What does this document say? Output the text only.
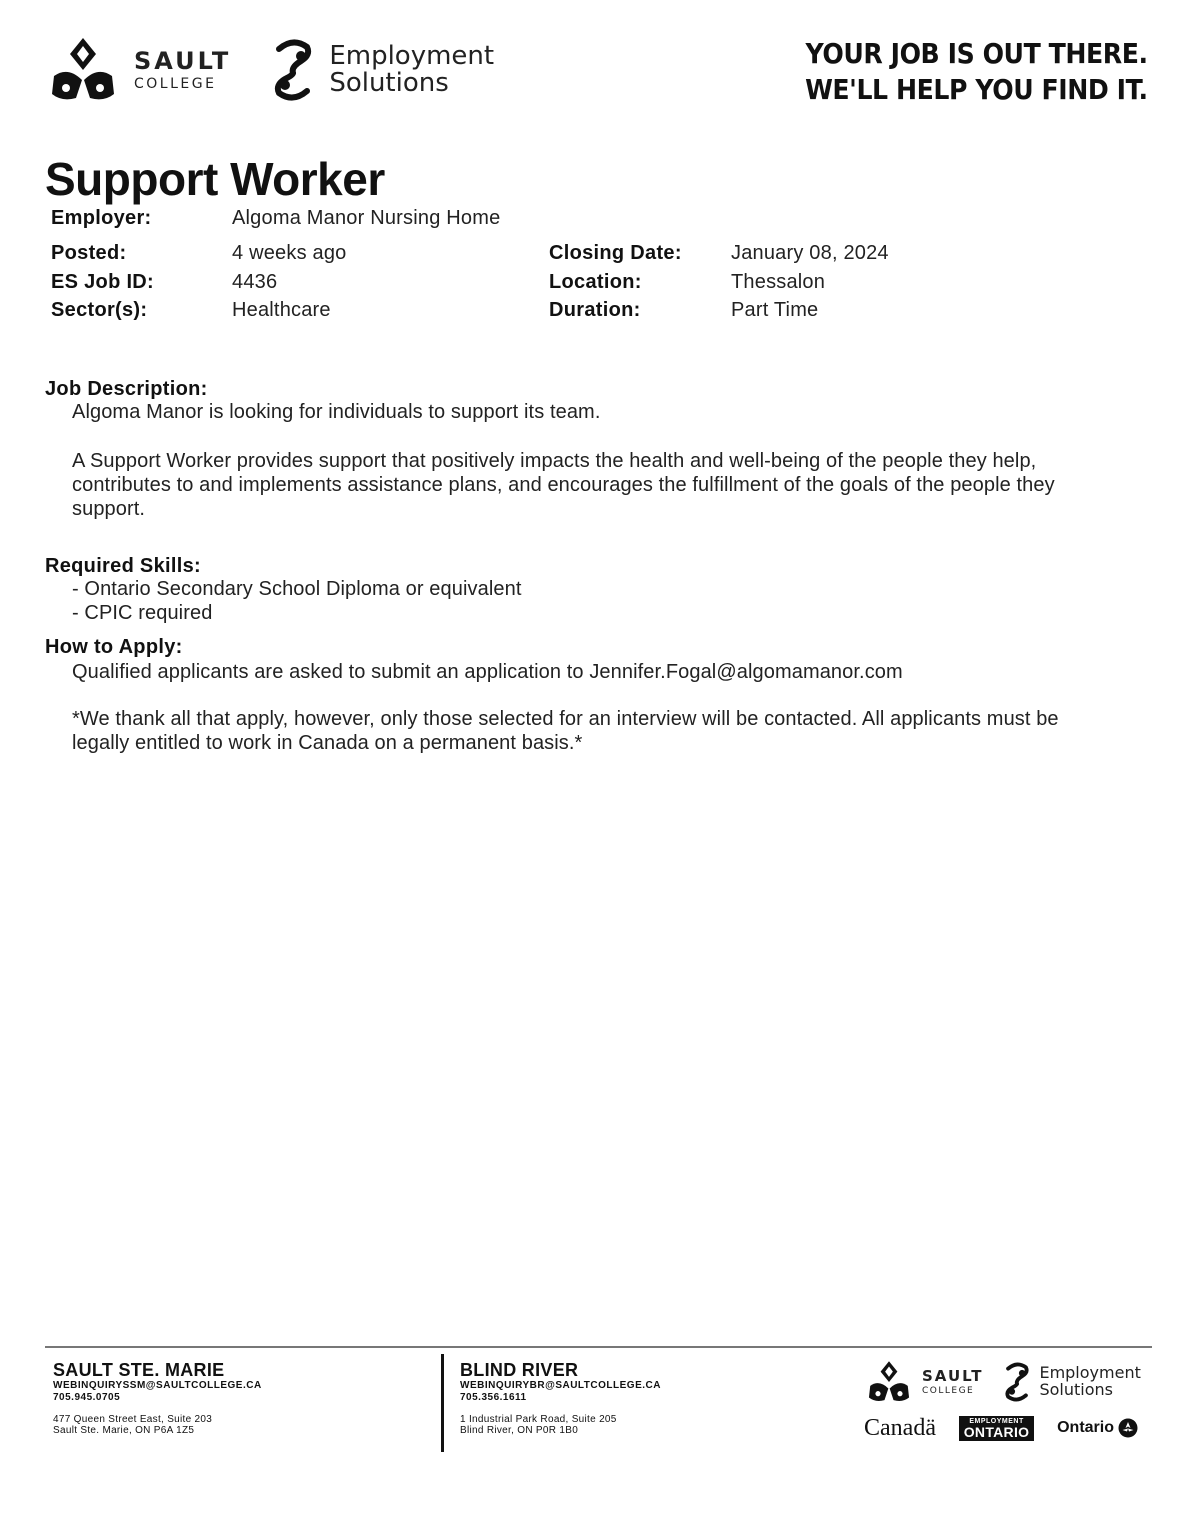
SAULT
COLLEGE
Employment
Solutions
YOUR JOB IS OUT THERE.
WE'LL HELP YOU FIND IT.
Support Worker
Employer:	Algoma Manor Nursing Home
Posted:	4 weeks ago	Closing Date: January 08, 2024
ES Job ID:	4436	Location:	Thessalon
Sector(s):	Healthcare	Duration:	Part Time
Job Description:
Algoma Manor is looking for individuals to support its team.
A Support Worker provides support that positively impacts the health and well-being of the people they help,
contributes to and implements assistance plans, and encourages the fulfillment of the goals of the people they
support.
Required Skills:
- Ontario Secondary School Diploma or equivalent
- CPIC required
How to Apply:
Qualified applicants are asked to submit an application to Jennifer.Fogal@algomamanor.com
*We thank all that apply, however, only those selected for an interview will be contacted. All applicants must be
legally entitled to work in Canada on a permanent basis.*
SAULT STE. MARIE
WEBINQUIRYSSM@SAULTCOLLEGE.CA
705.945.0705
477 Queen Street East, Suite 203
Sault Ste. Marie, ON P6A 1Z5
BLIND RIVER
WEBINQUIRYBR@SAULTCOLLEGE.CA
705.356.1611
1 Industrial Park Road, Suite 205
Blind River, ON P0R 1B0
SAULT
COLLEGE
Employment
Solutions
Canadä	EMPLOYMENT
ONTARIO Ontario
